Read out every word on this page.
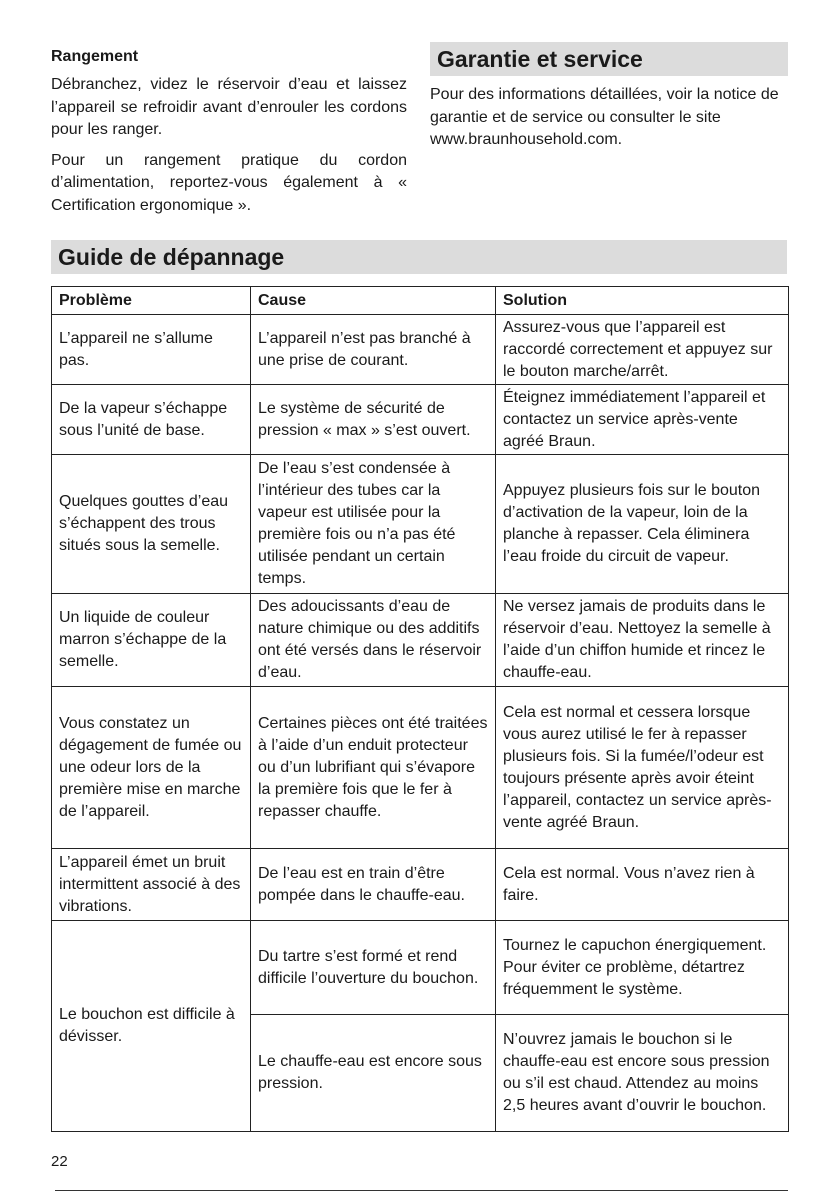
Rangement

Débranchez, videz le réservoir d’eau et laissez l’appareil se refroidir avant d’enrouler les cordons pour les ranger.

Pour un rangement pratique du cordon d’alimentation, reportez-vous également à « Certification ergonomique ».

Garantie et service

Pour des informations détaillées, voir la notice de garantie et de service ou consulter le site www.braunhousehold.com.

Guide de dépannage
Problème	Cause	Solution
L’appareil ne s’allume pas.	L’appareil n’est pas branché à une prise de courant.	Assurez-vous que l’appareil est raccordé correctement et appuyez sur le bouton marche/arrêt.
De la vapeur s’échappe sous l’unité de base.	Le système de sécurité de pression « max » s’est ouvert.	Éteignez immédiatement l’appareil et contactez un service après-vente agréé Braun.
Quelques gouttes d’eau s’échappent des trous situés sous la semelle.	De l’eau s’est condensée à l’intérieur des tubes car la vapeur est utilisée pour la première fois ou n’a pas été utilisée pendant un certain temps.	Appuyez plusieurs fois sur le bouton d’activation de la vapeur, loin de la planche à repasser. Cela éliminera l’eau froide du circuit de vapeur.
Un liquide de couleur marron s’échappe de la semelle.	Des adoucissants d’eau de nature chimique ou des additifs ont été versés dans le réservoir d’eau.	Ne versez jamais de produits dans le réservoir d’eau. Nettoyez la semelle à l’aide d’un chiffon humide et rincez le chauffe-eau.
Vous constatez un dégagement de fumée ou une odeur lors de la première mise en marche de l’appareil.	Certaines pièces ont été traitées à l’aide d’un enduit protecteur ou d’un lubrifiant qui s’évapore la première fois que le fer à repasser chauffe.	Cela est normal et cessera lorsque vous aurez utilisé le fer à repasser plusieurs fois. Si la fumée/l’odeur est toujours présente après avoir éteint l’appareil, contactez un service après-vente agréé Braun.
L’appareil émet un bruit intermittent associé à des vibrations.	De l’eau est en train d’être pompée dans le chauffe-eau.	Cela est normal. Vous n’avez rien à faire.
Le bouchon est difficile à dévisser.	Du tartre s’est formé et rend difficile l’ouverture du bouchon.	Tournez le capuchon énergiquement. Pour éviter ce problème, détartrez fréquemment le système.
	Le chauffe-eau est encore sous pression.	N’ouvrez jamais le bouchon si le chauffe-eau est encore sous pression ou s’il est chaud. Attendez au moins 2,5 heures avant d’ouvrir le bouchon.
22
